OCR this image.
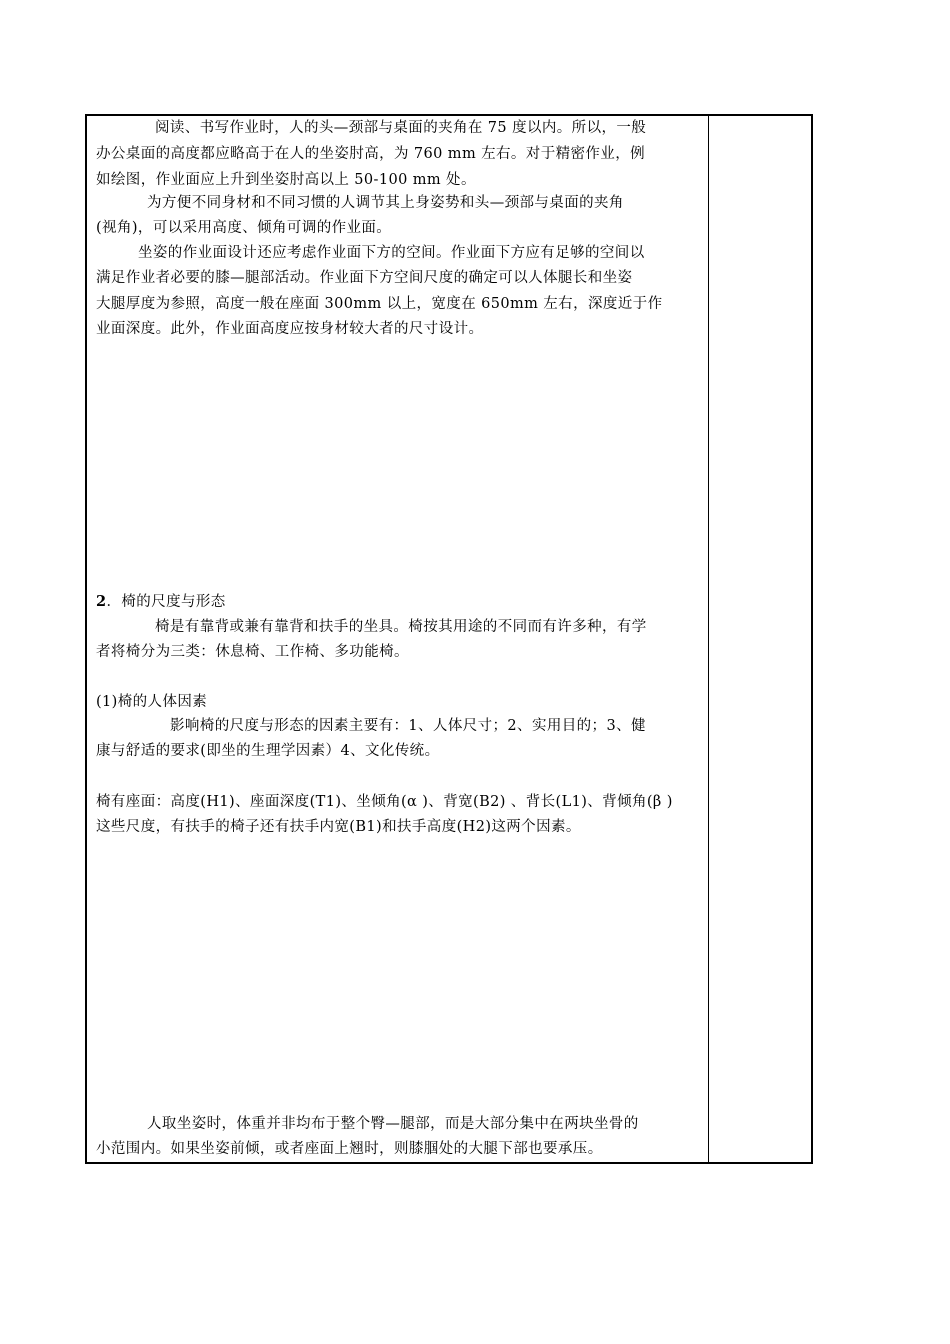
阅读、书写作业时，人的头—颈部与桌面的夹角在 75 度以内。所以，一般
办公桌面的高度都应略高于在人的坐姿肘高，为 760 mm 左右。对于精密作业，例
如绘图，作业面应上升到坐姿肘高以上 50-100 mm 处。
为方便不同身材和不同习惯的人调节其上身姿势和头—颈部与桌面的夹角
(视角)，可以采用高度、倾角可调的作业面。
坐姿的作业面设计还应考虑作业面下方的空间。作业面下方应有足够的空间以
满足作业者必要的膝—腿部活动。作业面下方空间尺度的确定可以人体腿长和坐姿
大腿厚度为参照，高度一般在座面 300mm 以上，宽度在 650mm 左右，深度近于作
业面深度。此外，作业面高度应按身材较大者的尺寸设计。
2．椅的尺度与形态
椅是有靠背或兼有靠背和扶手的坐具。椅按其用途的不同而有许多种，有学
者将椅分为三类：休息椅、工作椅、多功能椅。
(1)椅的人体因素
影响椅的尺度与形态的因素主要有：1、人体尺寸；2、实用目的；3、健
康与舒适的要求(即坐的生理学因素）4、文化传统。
椅有座面：高度(H1)、座面深度(T1)、坐倾角(α )、背宽(B2) 、背长(L1)、背倾角(β )
这些尺度，有扶手的椅子还有扶手内宽(B1)和扶手高度(H2)这两个因素。
人取坐姿时，体重并非均布于整个臀—腿部，而是大部分集中在两块坐骨的
小范围内。如果坐姿前倾，或者座面上翘时，则膝腘处的大腿下部也要承压。
